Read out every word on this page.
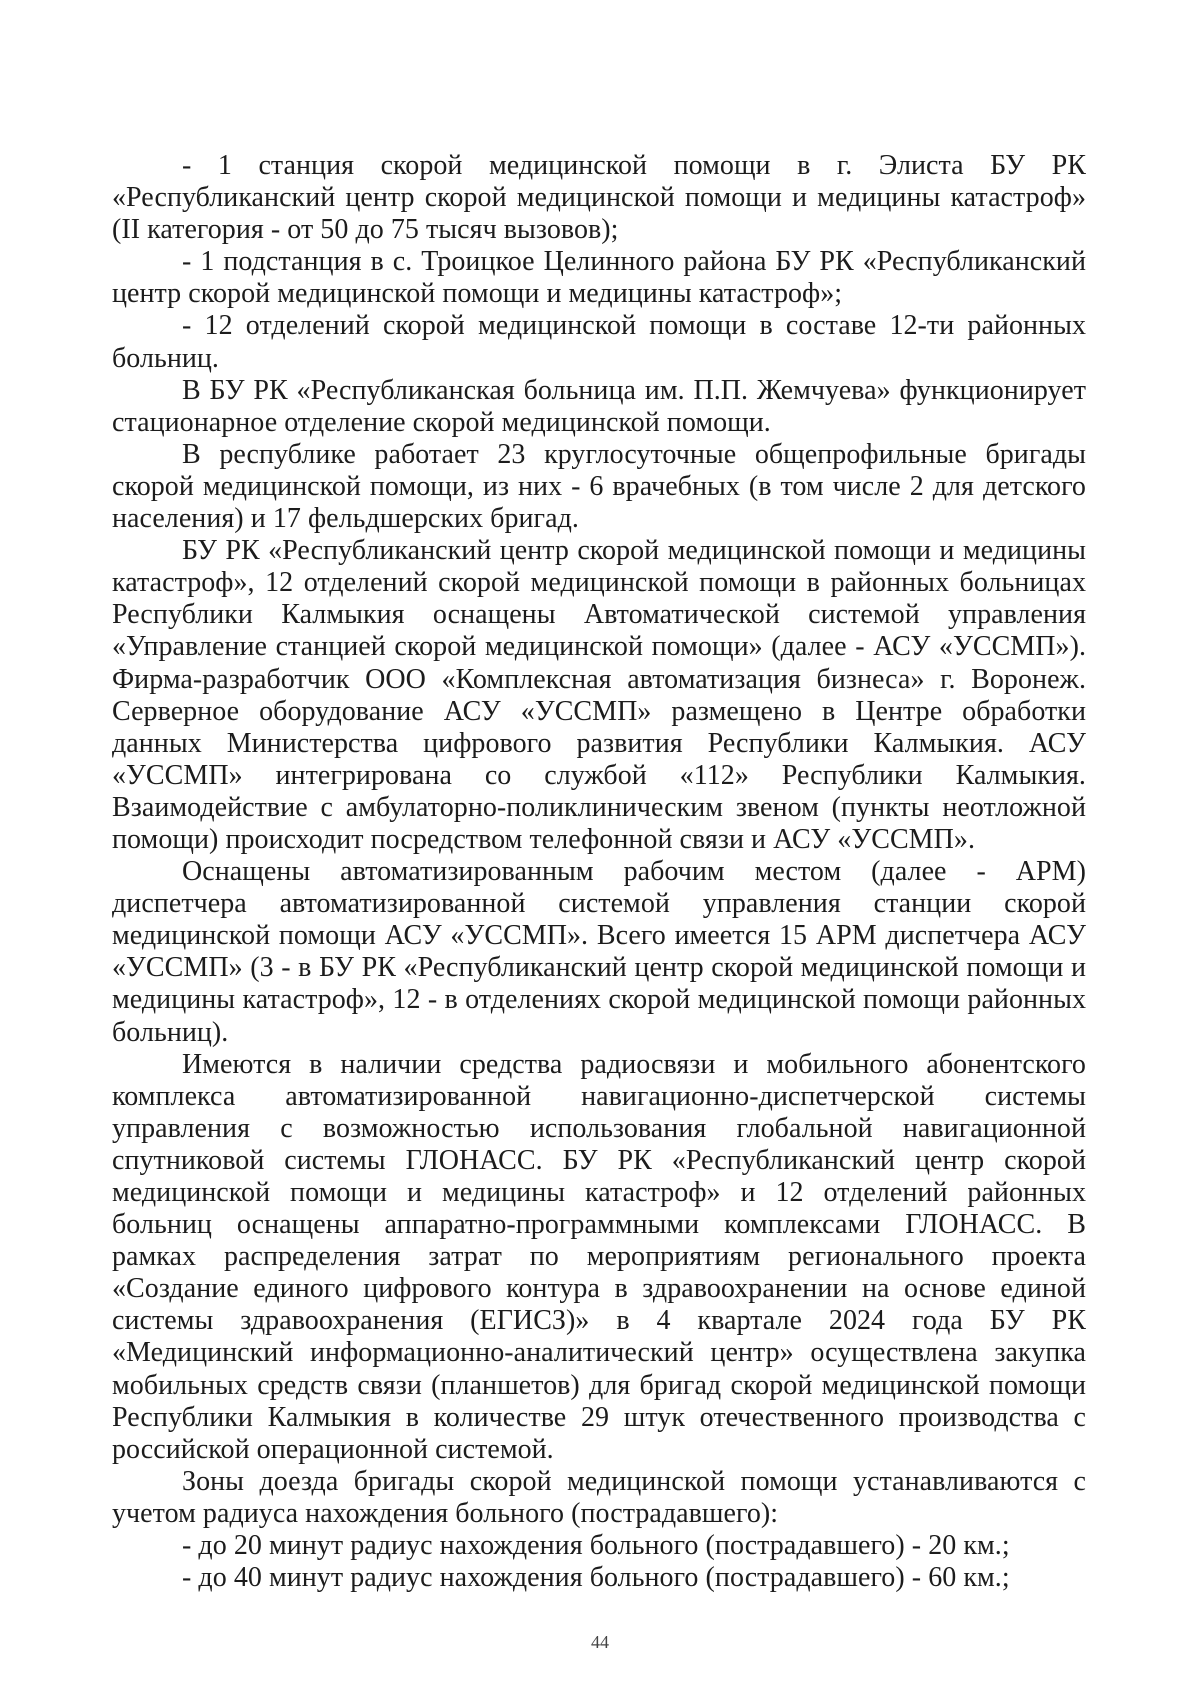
- 1 станция скорой медицинской помощи в г. Элиста БУ РК «Республиканский центр скорой медицинской помощи и медицины катастроф» (II категория - от 50 до 75 тысяч вызовов);

- 1 подстанция в с. Троицкое Целинного района БУ РК «Республиканский центр скорой медицинской помощи и медицины катастроф»;

- 12 отделений скорой медицинской помощи в составе 12-ти районных больниц.

В БУ РК «Республиканская больница им. П.П. Жемчуева» функционирует стационарное отделение скорой медицинской помощи.

В республике работает 23 круглосуточные общепрофильные бригады скорой медицинской помощи, из них - 6 врачебных (в том числе 2 для детского населения) и 17 фельдшерских бригад.

БУ РК «Республиканский центр скорой медицинской помощи и медицины катастроф», 12 отделений скорой медицинской помощи в районных больницах Республики Калмыкия оснащены Автоматической системой управления «Управление станцией скорой медицинской помощи» (далее - АСУ «УССМП»). Фирма-разработчик ООО «Комплексная автоматизация бизнеса» г. Воронеж. Серверное оборудование АСУ «УССМП» размещено в Центре обработки данных Министерства цифрового развития Республики Калмыкия. АСУ «УССМП» интегрирована со службой «112» Республики Калмыкия. Взаимодействие с амбулаторно-поликлиническим звеном (пункты неотложной помощи) происходит посредством телефонной связи и АСУ «УССМП».

Оснащены автоматизированным рабочим местом (далее - АРМ) диспетчера автоматизированной системой управления станции скорой медицинской помощи АСУ «УССМП». Всего имеется 15 АРМ диспетчера АСУ «УССМП» (3 - в БУ РК «Республиканский центр скорой медицинской помощи и медицины катастроф», 12 - в отделениях скорой медицинской помощи районных больниц).

Имеются в наличии средства радиосвязи и мобильного абонентского комплекса автоматизированной навигационно-диспетчерской системы управления с возможностью использования глобальной навигационной спутниковой системы ГЛОНАСС. БУ РК «Республиканский центр скорой медицинской помощи и медицины катастроф» и 12 отделений районных больниц оснащены аппаратно-программными комплексами ГЛОНАСС. В рамках распределения затрат по мероприятиям регионального проекта «Создание единого цифрового контура в здравоохранении на основе единой системы здравоохранения (ЕГИСЗ)» в 4 квартале 2024 года БУ РК «Медицинский информационно-аналитический центр» осуществлена закупка мобильных средств связи (планшетов) для бригад скорой медицинской помощи Республики Калмыкия в количестве 29 штук отечественного производства с российской операционной системой.

Зоны доезда бригады скорой медицинской помощи устанавливаются с учетом радиуса нахождения больного (пострадавшего):

- до 20 минут радиус нахождения больного (пострадавшего) - 20 км.;

- до 40 минут радиус нахождения больного (пострадавшего) - 60 км.;

44
